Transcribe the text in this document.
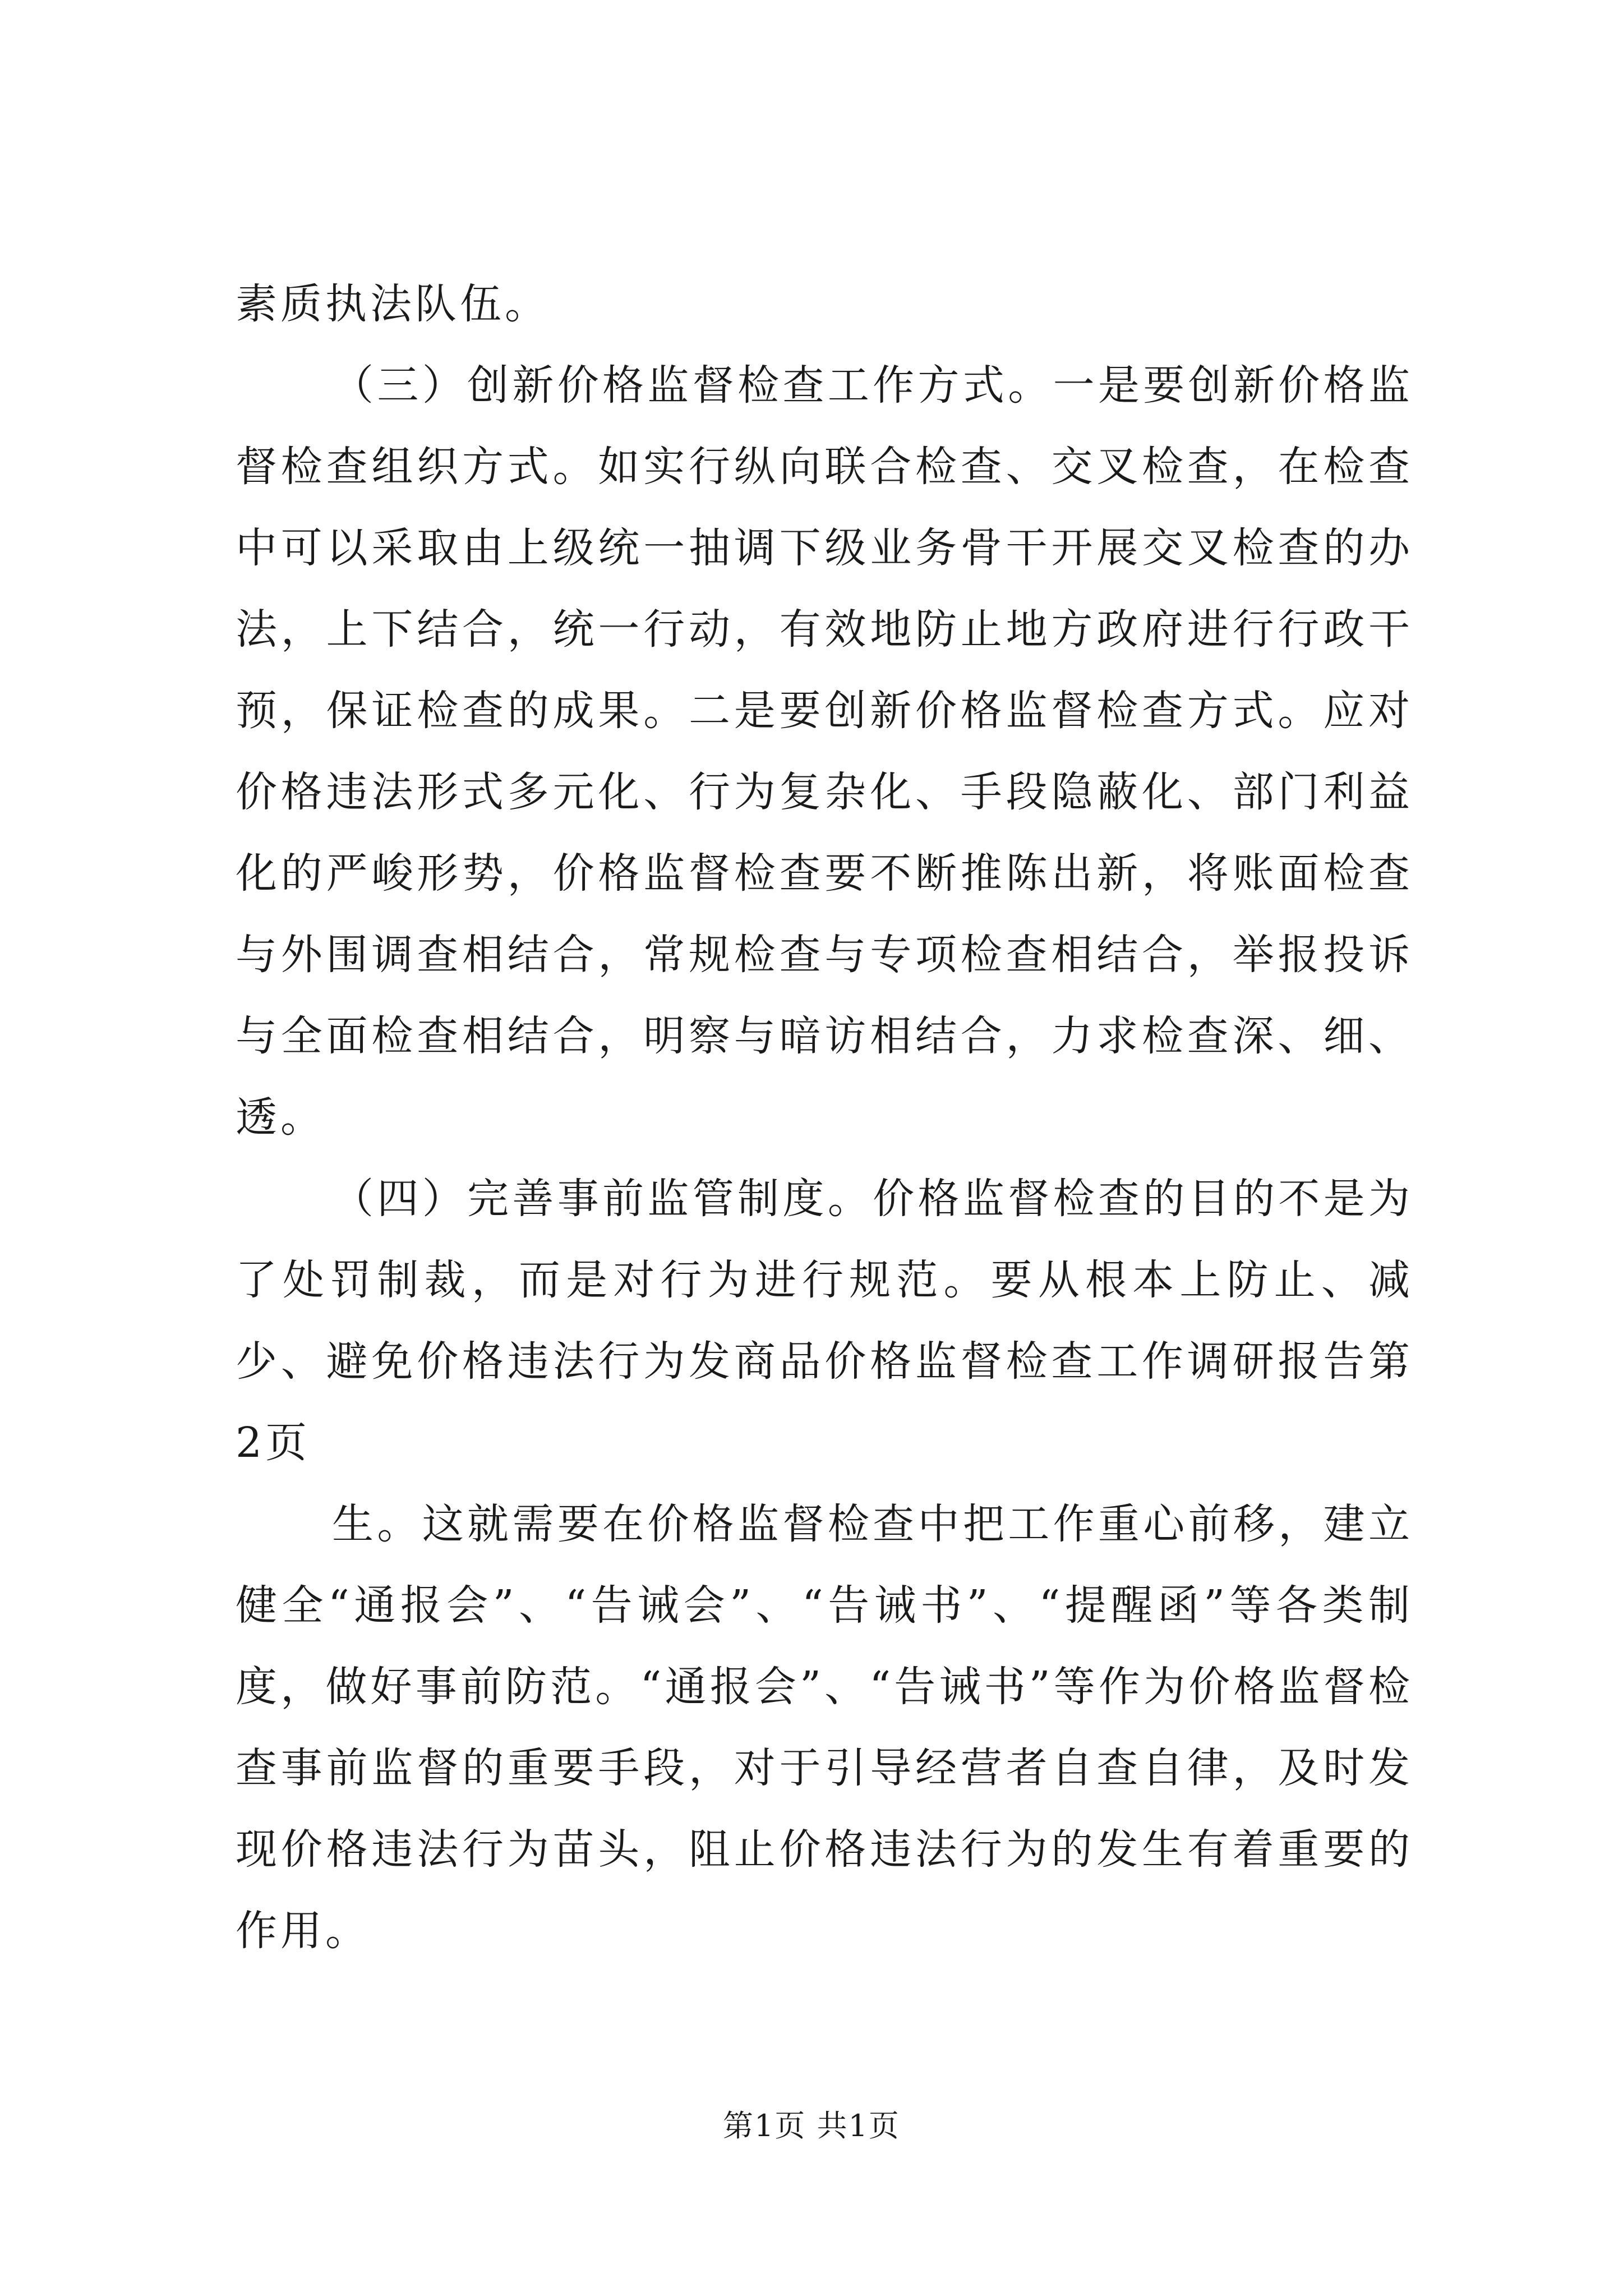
素质执法队伍。

（三）创新价格监督检查工作方式。一是要创新价格监督检查组织方式。如实行纵向联合检查、交叉检查，在检查中可以采取由上级统一抽调下级业务骨干开展交叉检查的办法，上下结合，统一行动，有效地防止地方政府进行行政干预，保证检查的成果。二是要创新价格监督检查方式。应对价格违法形式多元化、行为复杂化、手段隐蔽化、部门利益化的严峻形势，价格监督检查要不断推陈出新，将账面检查与外围调查相结合，常规检查与专项检查相结合，举报投诉与全面检查相结合，明察与暗访相结合，力求检查深、细、透。

（四）完善事前监管制度。价格监督检查的目的不是为了处罚制裁，而是对行为进行规范。要从根本上防止、减少、避免价格违法行为发商品价格监督检查工作调研报告第2页

生。这就需要在价格监督检查中把工作重心前移，建立健全“通报会”、“告诫会”、“告诫书”、“提醒函”等各类制度，做好事前防范。“通报会”、“告诫书”等作为价格监督检查事前监督的重要手段，对于引导经营者自查自律，及时发现价格违法行为苗头，阻止价格违法行为的发生有着重要的作用。

第1页 共1页
